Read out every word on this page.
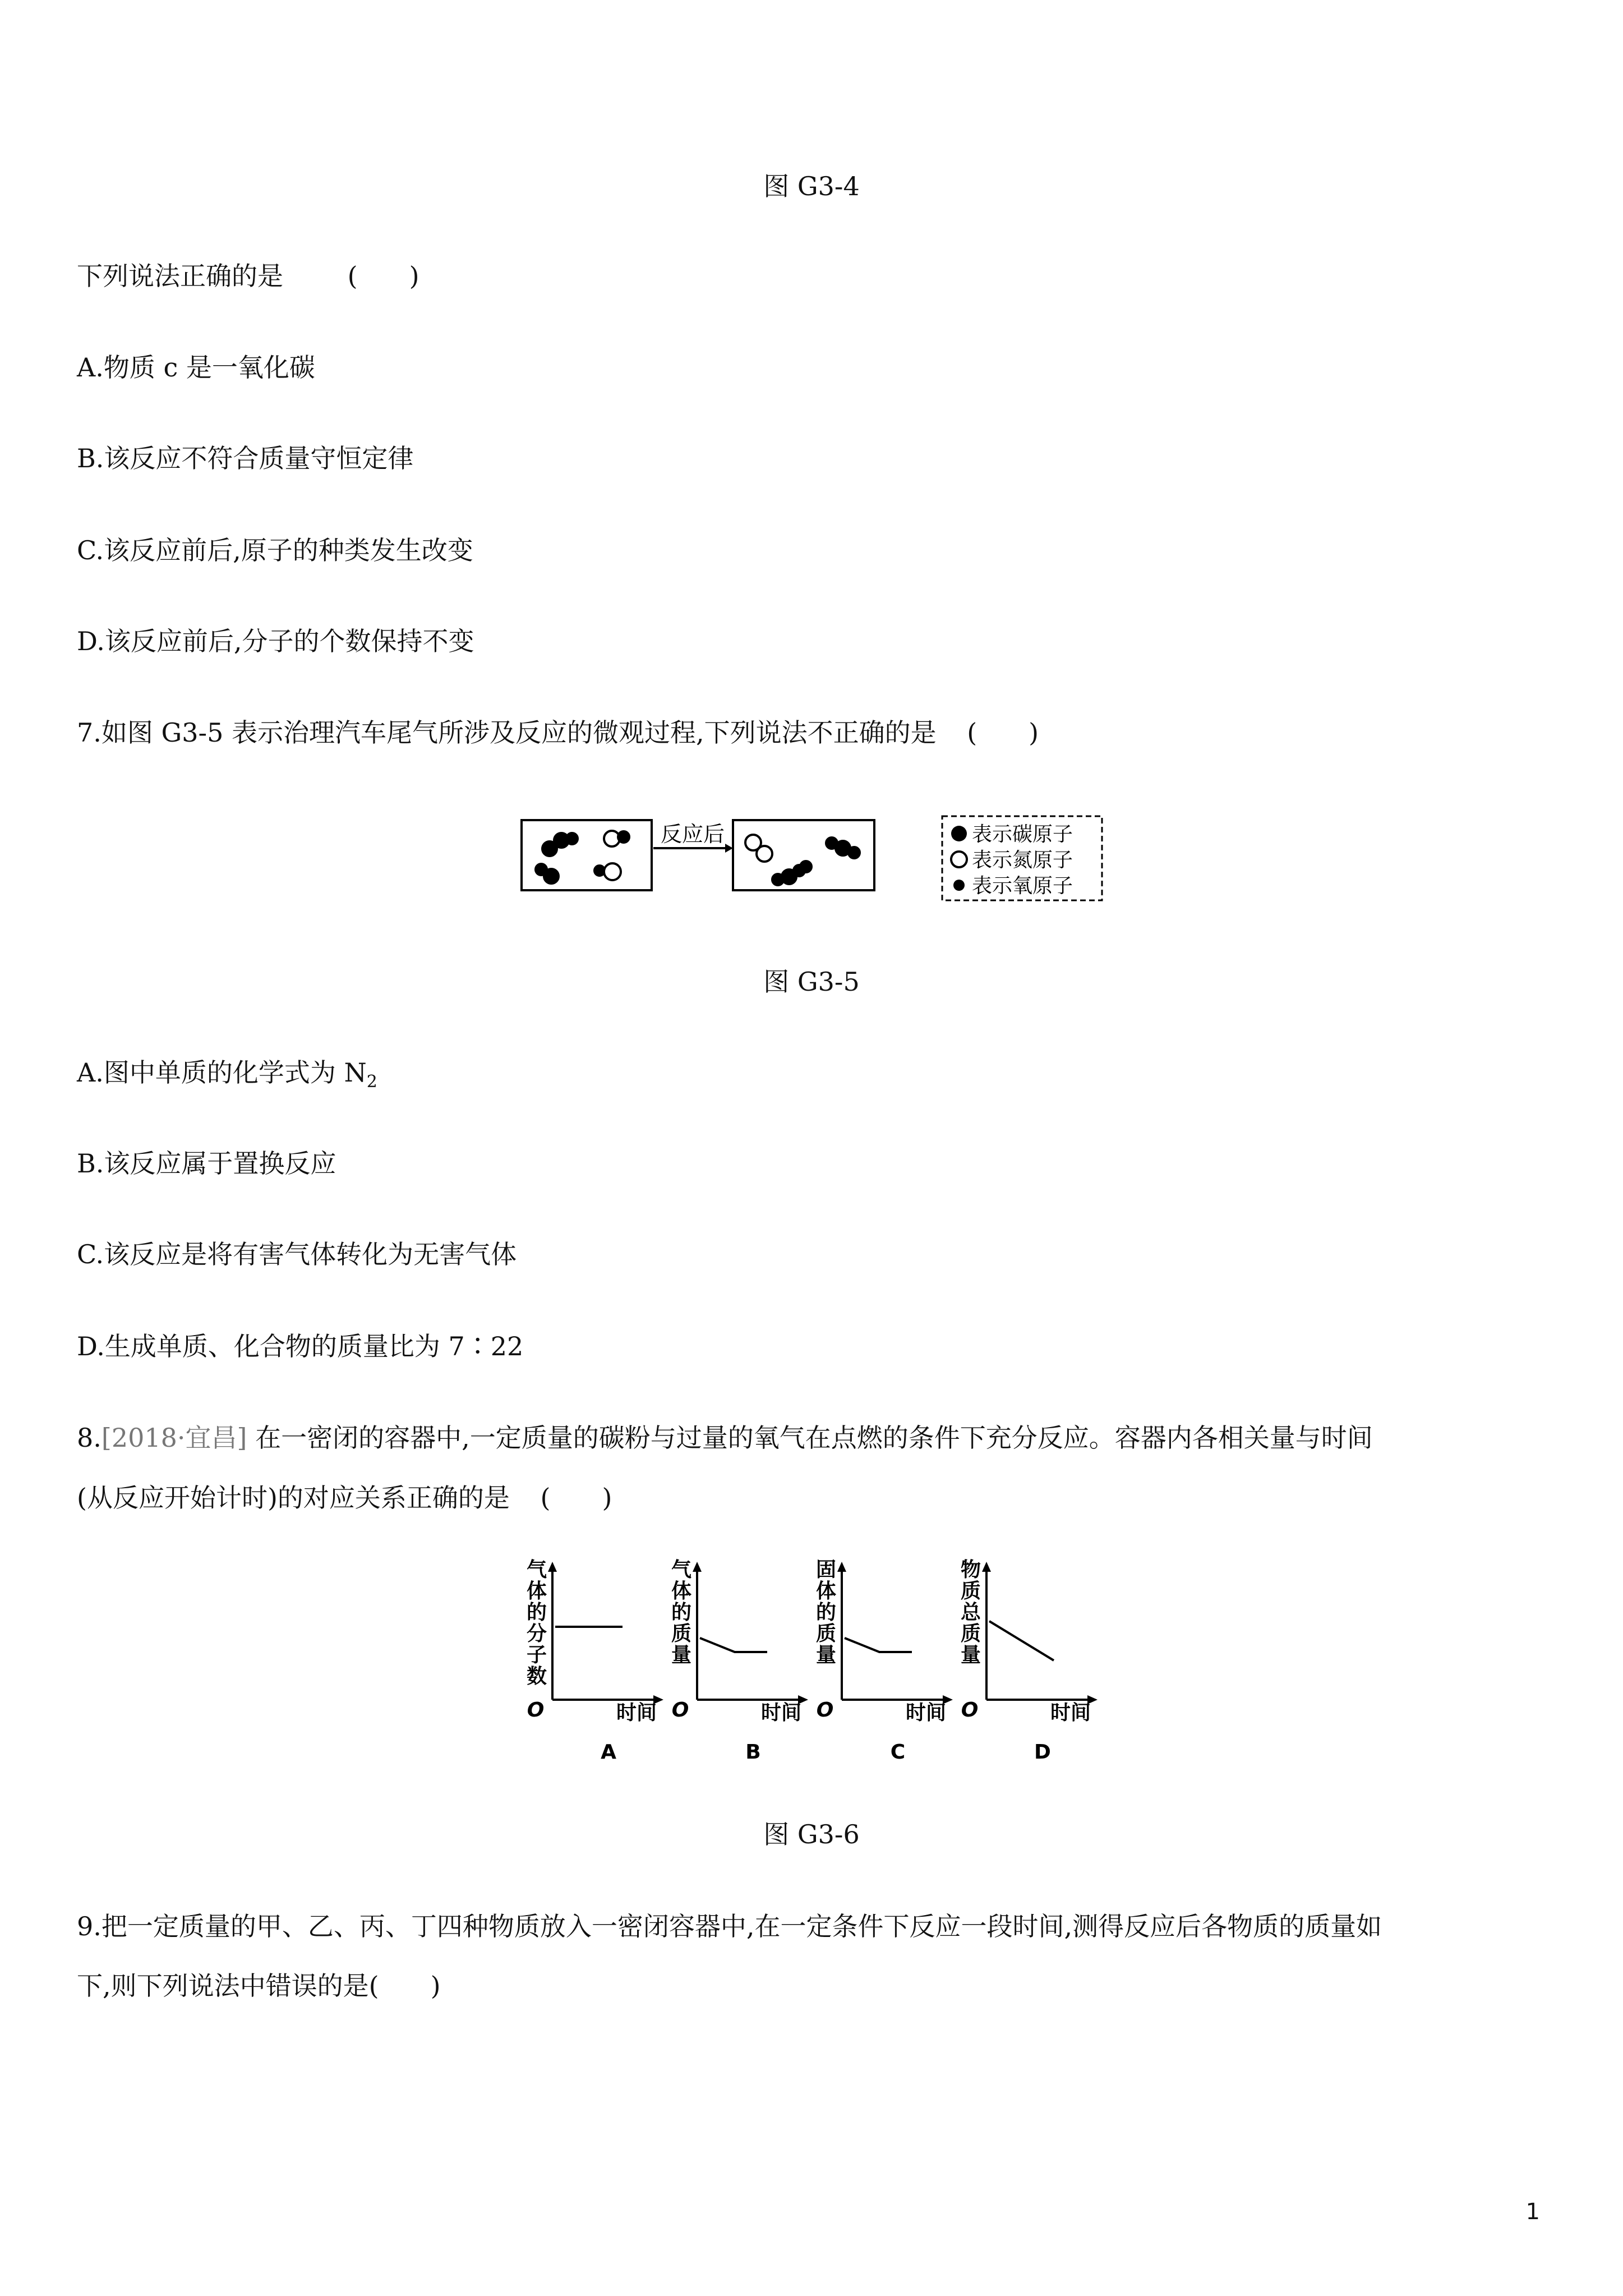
图 G3-4

下列说法正确的是 (　　)

A.物质 c 是一氧化碳

B.该反应不符合质量守恒定律

C.该反应前后,原子的种类发生改变

D.该反应前后,分子的个数保持不变

7.如图 G3-5 表示治理汽车尾气所涉及反应的微观过程,下列说法不正确的是 (　　)

反应后	表示碳原子
表示氮原子
表示氧原子

图 G3-5

A.图中单质的化学式为 $N_2$

B.该反应属于置换反应

C.该反应是将有害气体转化为无害气体

D.生成单质、化合物的质量比为 7∶22

8.[2018·宜昌] 在一密闭的容器中,一定质量的碳粉与过量的氧气在点燃的条件下充分反应。容器内各相关量与时间

(从反应开始计时)的对应关系正确的是 (　　)

气
体
的
分
子
数
O	时间
A
气
体
的
质
量
O	时间
B
固
体
的
质
量
O	时间
C
物
质
总
质
量
O	时间
D

图 G3-6

9.把一定质量的甲、乙、丙、丁四种物质放入一密闭容器中,在一定条件下反应一段时间,测得反应后各物质的质量如

下,则下列说法中错误的是(　　)

1
